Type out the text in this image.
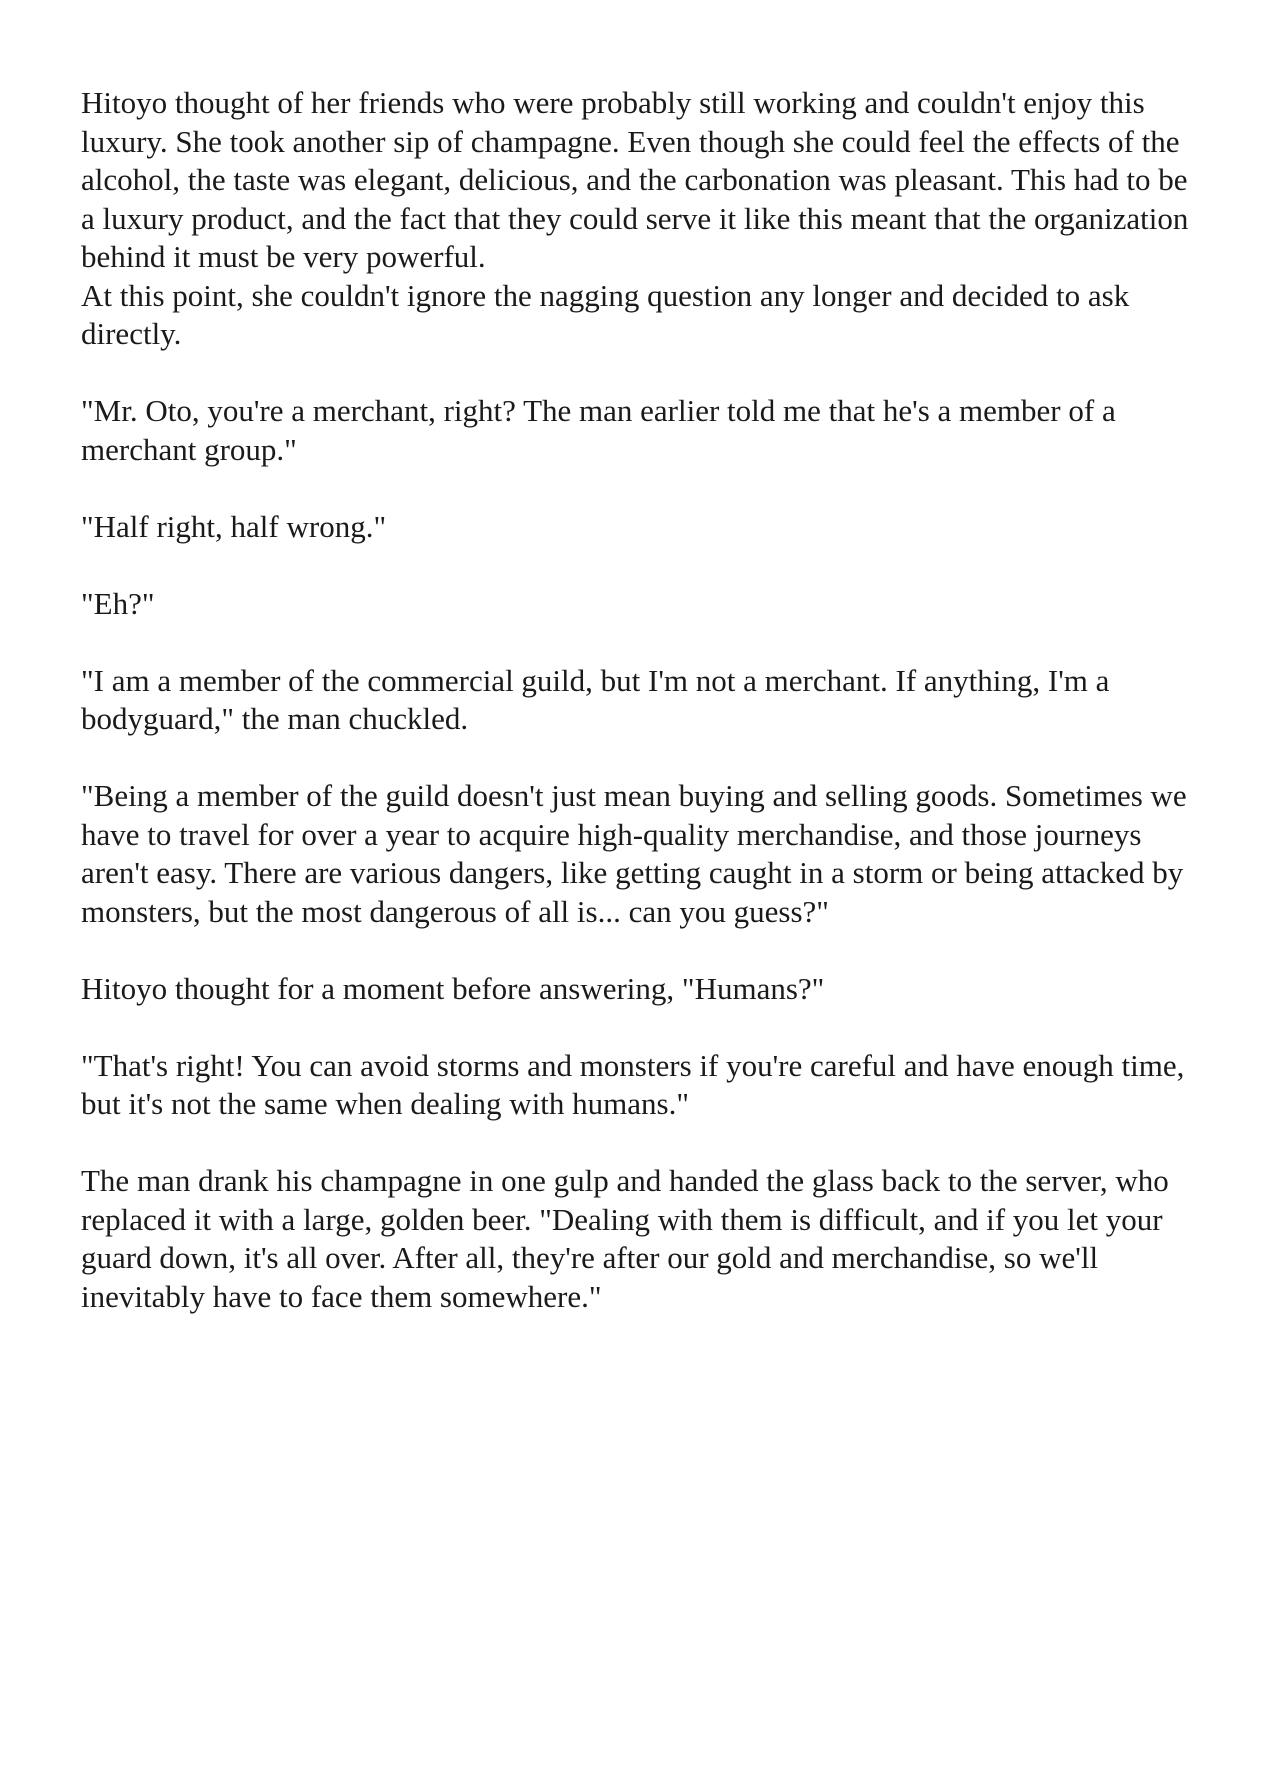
Hitoyo thought of her friends who were probably still working and couldn't enjoy this luxury. She took another sip of champagne. Even though she could feel the effects of the alcohol, the taste was elegant, delicious, and the carbonation was pleasant. This had to be a luxury product, and the fact that they could serve it like this meant that the organization behind it must be very powerful.

At this point, she couldn't ignore the nagging question any longer and decided to ask directly.

"Mr. Oto, you're a merchant, right? The man earlier told me that he's a member of a merchant group."

"Half right, half wrong."

"Eh?"

"I am a member of the commercial guild, but I'm not a merchant. If anything, I'm a bodyguard," the man chuckled.

"Being a member of the guild doesn't just mean buying and selling goods. Sometimes we have to travel for over a year to acquire high-quality merchandise, and those journeys aren't easy. There are various dangers, like getting caught in a storm or being attacked by monsters, but the most dangerous of all is... can you guess?"

Hitoyo thought for a moment before answering, "Humans?"

"That's right! You can avoid storms and monsters if you're careful and have enough time, but it's not the same when dealing with humans."

The man drank his champagne in one gulp and handed the glass back to the server, who replaced it with a large, golden beer. "Dealing with them is difficult, and if you let your guard down, it's all over. After all, they're after our gold and merchandise, so we'll inevitably have to face them somewhere."
